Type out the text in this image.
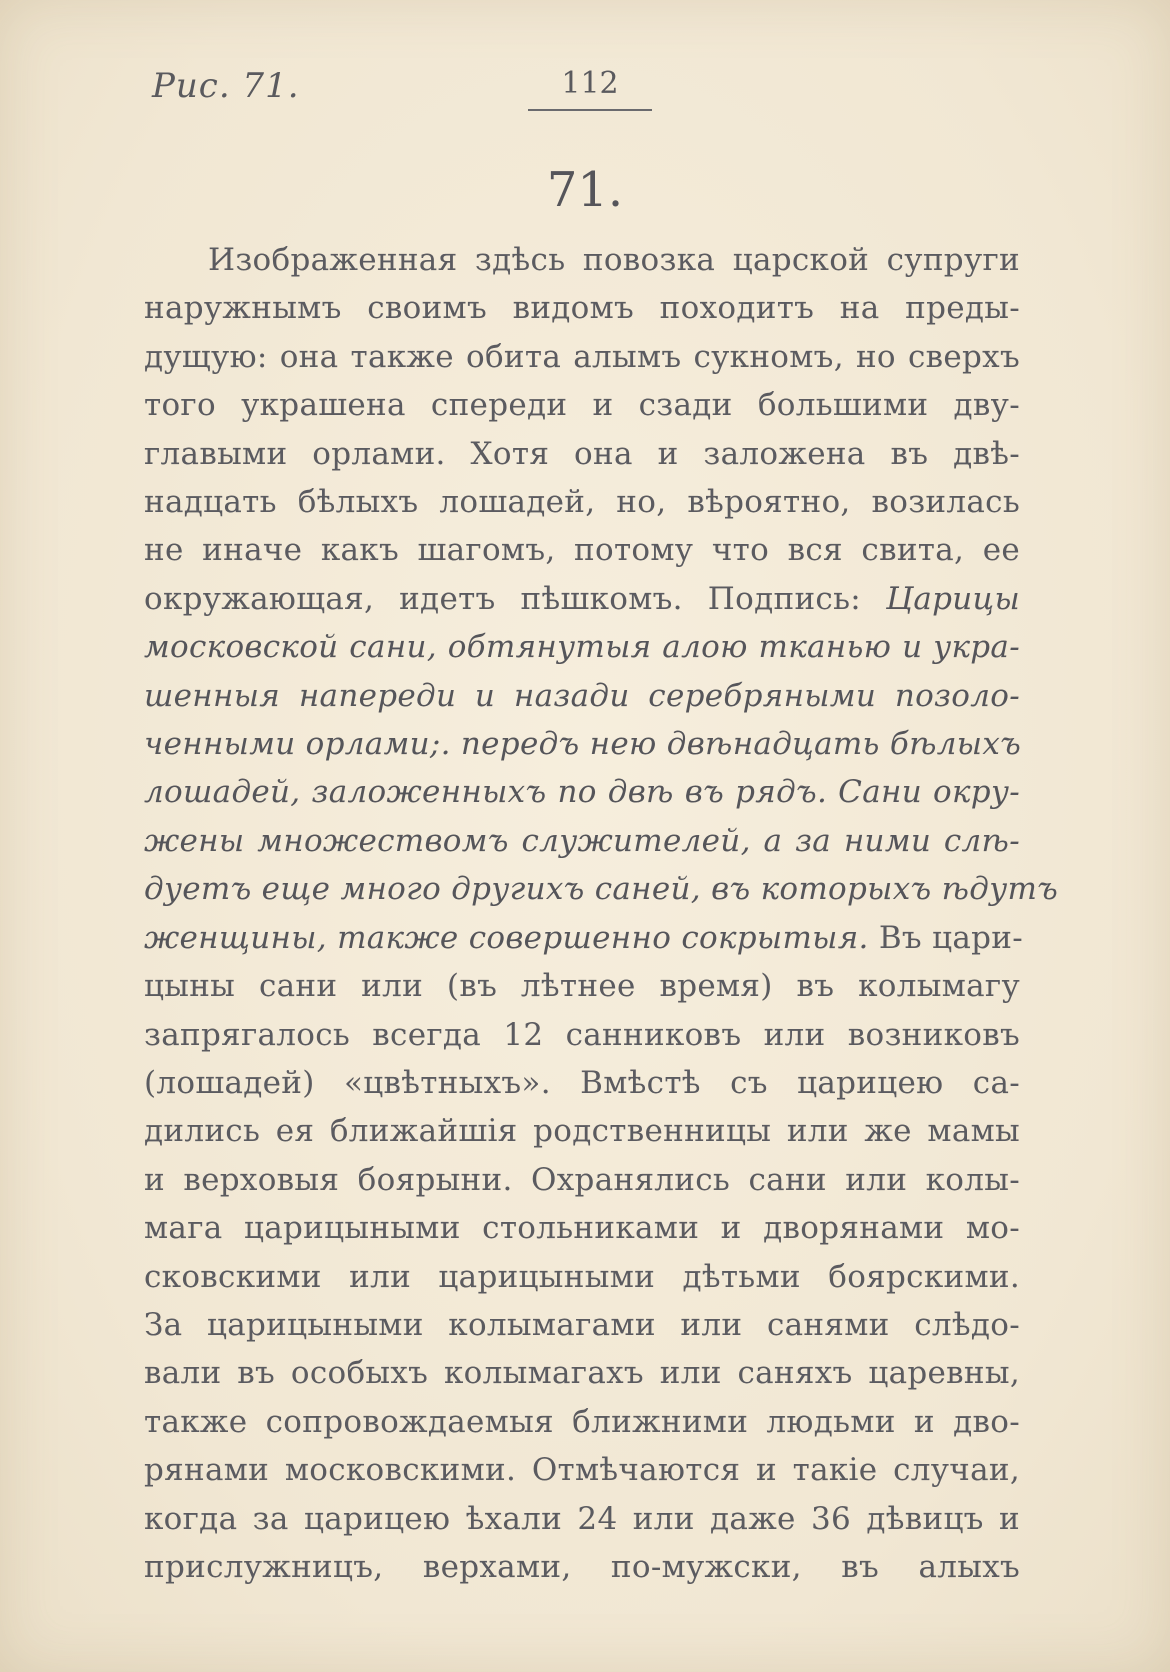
Рис. 71.	112
71.
Изображенная здѣсь повозка царской супруги
наружнымъ своимъ видомъ походитъ на преды-
дущую: она также обита алымъ сукномъ, но сверхъ
того украшена спереди и сзади большими дву-
главыми орлами. Хотя она и заложена въ двѣ-
надцать бѣлыхъ лошадей, но, вѣроятно, возилась
не иначе какъ шагомъ, потому что вся свита, ее
окружающая, идетъ пѣшкомъ. Подпись: Царицы
московской сани, обтянутыя алою тканью и укра-
шенныя напереди и назади серебряными позоло-
ченными орлами;. передъ нею двѣнадцать бѣлыхъ
лошадей, заложенныхъ по двѣ въ рядъ. Сани окру-
жены множествомъ служителей, а за ними слѣ-
дуетъ еще много другихъ саней, въ которыхъ ѣдутъ
женщины, также совершенно сокрытыя. Въ цари-
цыны сани или (въ лѣтнее время) въ колымагу
запрягалось всегда 12 санниковъ или возниковъ
(лошадей) «цвѣтныхъ». Вмѣстѣ съ царицею са-
дились ея ближайшія родственницы или же мамы
и верховыя боярыни. Охранялись сани или колы-
мага царицыными стольниками и дворянами мо-
сковскими или царицыными дѣтьми боярскими.
За царицыными колымагами или санями слѣдо-
вали въ особыхъ колымагахъ или саняхъ царевны,
также сопровождаемыя ближними людьми и дво-
рянами московскими. Отмѣчаются и такіе случаи,
когда за царицею ѣхали 24 или даже 36 дѣвицъ и
прислужницъ, верхами, по-мужски, въ алыхъ
